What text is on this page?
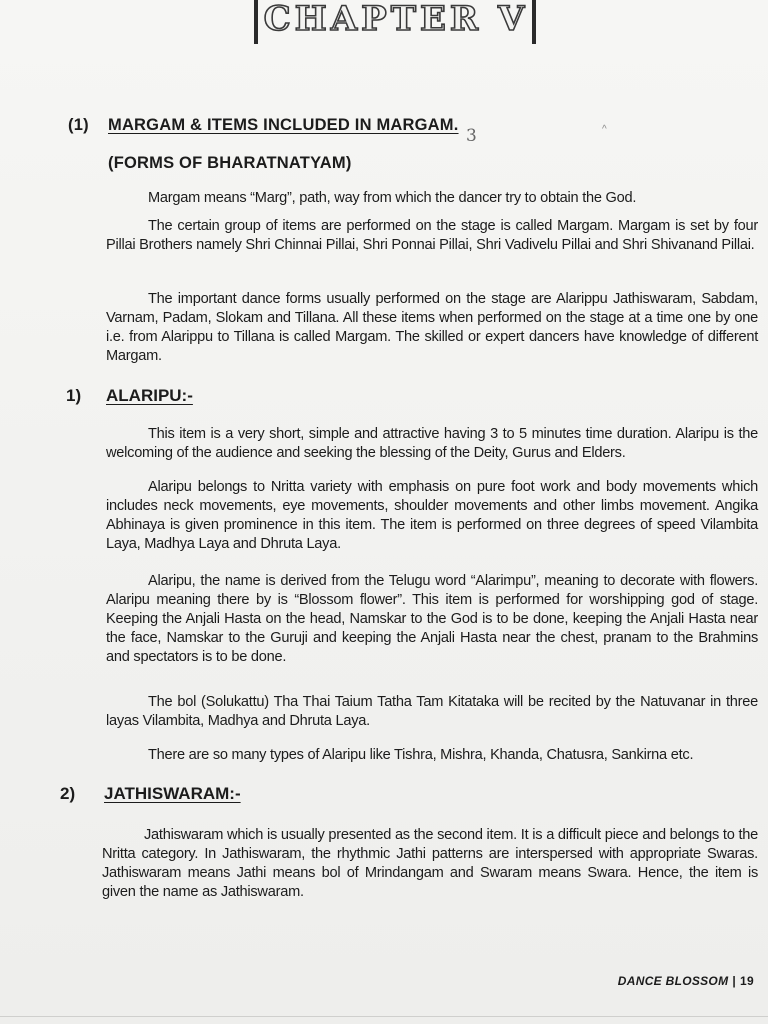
CHAPTER V
(1) MARGAM & ITEMS INCLUDED IN MARGAM.
3	^
(FORMS OF BHARATNATYAM)
Margam means “Marg”, path, way from which the dancer try to obtain the God.
The certain group of items are performed on the stage is called Margam. Margam is set by four Pillai Brothers namely Shri Chinnai Pillai, Shri Ponnai Pillai, Shri Vadivelu Pillai and Shri Shivanand Pillai.
The important dance forms usually performed on the stage are Alarippu Jathiswaram, Sabdam, Varnam, Padam, Slokam and Tillana. All these items when performed on the stage at a time one by one i.e. from Alarippu to Tillana is called Margam. The skilled or expert dancers have knowledge of different Margam.
1) ALARIPU:-
This item is a very short, simple and attractive having 3 to 5 minutes time duration. Alaripu is the welcoming of the audience and seeking the blessing of the Deity, Gurus and Elders.
Alaripu belongs to Nritta variety with emphasis on pure foot work and body movements which includes neck movements, eye movements, shoulder movements and other limbs movement. Angika Abhinaya is given prominence in this item. The item is performed on three degrees of speed Vilambita Laya, Madhya Laya and Dhruta Laya.
Alaripu, the name is derived from the Telugu word “Alarimpu”, meaning to decorate with flowers. Alaripu meaning there by is “Blossom flower”. This item is performed for worshipping god of stage. Keeping the Anjali Hasta on the head, Namskar to the God is to be done, keeping the Anjali Hasta near the face, Namskar to the Guruji and keeping the Anjali Hasta near the chest, pranam to the Brahmins and spectators is to be done.
The bol (Solukattu) Tha Thai Taium Tatha Tam Kitataka will be recited by the Natuvanar in three layas Vilambita, Madhya and Dhruta Laya.
There are so many types of Alaripu like Tishra, Mishra, Khanda, Chatusra, Sankirna etc.
2) JATHISWARAM:-
Jathiswaram which is usually presented as the second item. It is a difficult piece and belongs to the Nritta category. In Jathiswaram, the rhythmic Jathi patterns are interspersed with appropriate Swaras. Jathiswaram means Jathi means bol of Mrindangam and Swaram means Swara. Hence, the item is given the name as Jathiswaram.
DANCE BLOSSOM | 19
